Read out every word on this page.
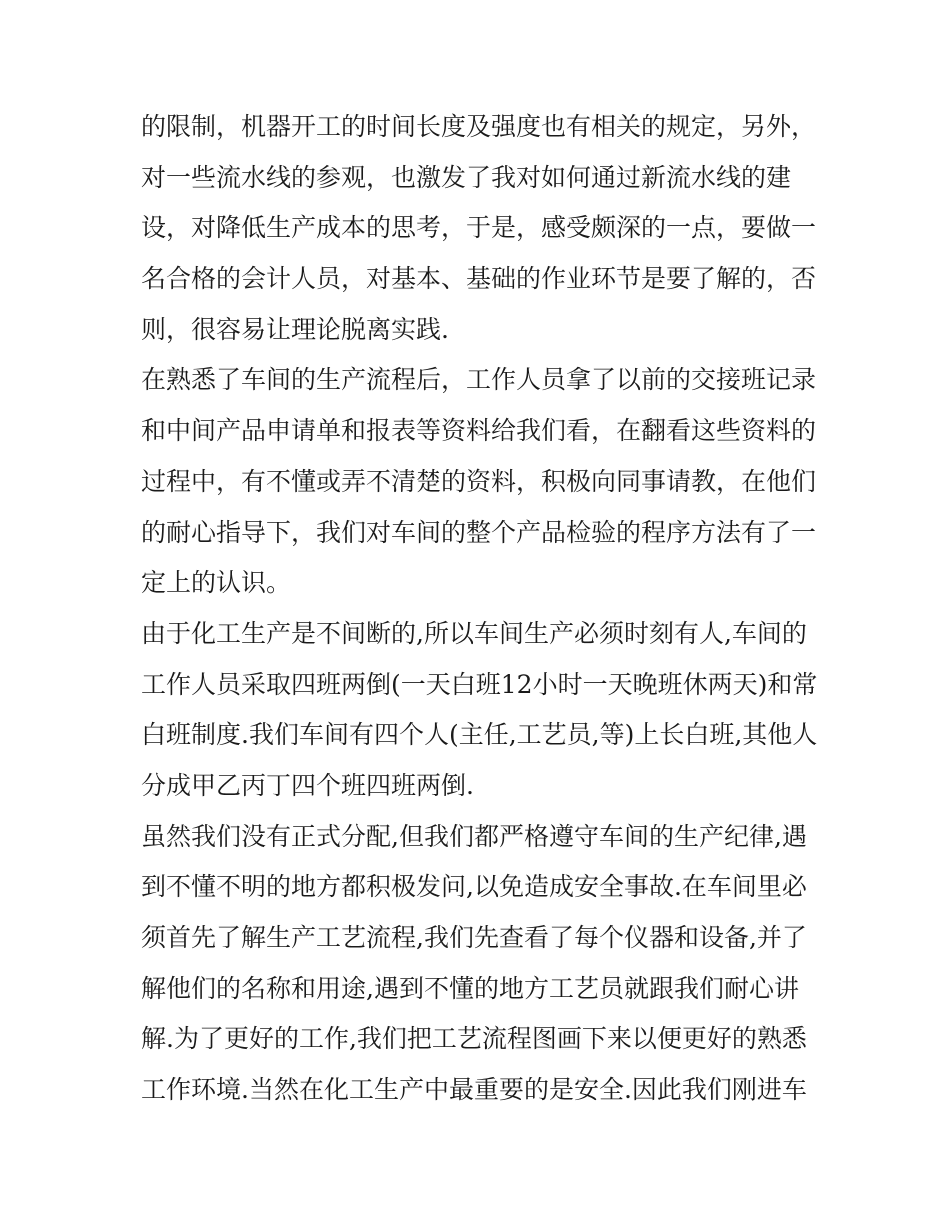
的限制，机器开工的时间长度及强度也有相关的规定，另外，
对一些流水线的参观，也激发了我对如何通过新流水线的建
设，对降低生产成本的思考，于是，感受颇深的一点，要做一
名合格的会计人员，对基本、基础的作业环节是要了解的，否
则，很容易让理论脱离实践.
在熟悉了车间的生产流程后，工作人员拿了以前的交接班记录
和中间产品申请单和报表等资料给我们看，在翻看这些资料的
过程中，有不懂或弄不清楚的资料，积极向同事请教，在他们
的耐心指导下，我们对车间的整个产品检验的程序方法有了一
定上的认识。
由于化工生产是不间断的,所以车间生产必须时刻有人,车间的
工作人员采取四班两倒(一天白班12小时一天晚班休两天)和常
白班制度.我们车间有四个人(主任,工艺员,等)上长白班,其他人
分成甲乙丙丁四个班四班两倒.
虽然我们没有正式分配,但我们都严格遵守车间的生产纪律,遇
到不懂不明的地方都积极发问,以免造成安全事故.在车间里必
须首先了解生产工艺流程,我们先查看了每个仪器和设备,并了
解他们的名称和用途,遇到不懂的地方工艺员就跟我们耐心讲
解.为了更好的工作,我们把工艺流程图画下来以便更好的熟悉
工作环境.当然在化工生产中最重要的是安全.因此我们刚进车
